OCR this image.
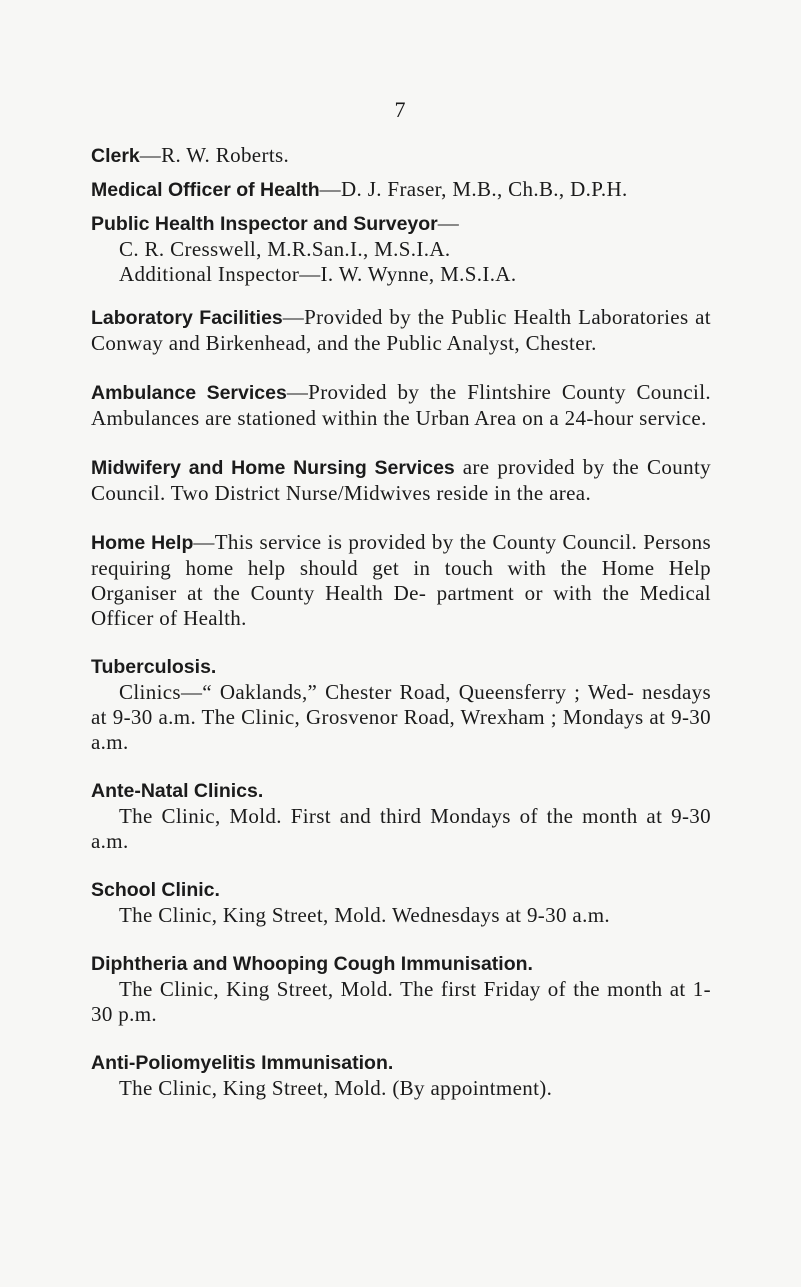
7

Clerk—R. W. Roberts.

Medical Officer of Health—D. J. Fraser, M.B., Ch.B., D.P.H.

Public Health Inspector and Surveyor—

C. R. Cresswell, M.R.San.I., M.S.I.A.

Additional Inspector—I. W. Wynne, M.S.I.A.

Laboratory Facilities—Provided by the Public Health Laboratories at Conway and Birkenhead, and the Public Analyst, Chester.

Ambulance Services—Provided by the Flintshire County Council. Ambulances are stationed within the Urban Area on a 24-hour service.

Midwifery and Home Nursing Services are provided by the County Council. Two District Nurse/Midwives reside in the area.

Home Help—This service is provided by the County Council. Persons requiring home help should get in touch with the Home Help Organiser at the County Health De- partment or with the Medical Officer of Health.

Tuberculosis.

Clinics—“ Oaklands,” Chester Road, Queensferry ; Wed- nesdays at 9-30 a.m. The Clinic, Grosvenor Road, Wrexham ; Mondays at 9-30 a.m.

Ante-Natal Clinics.

The Clinic, Mold. First and third Mondays of the month at 9-30 a.m.

School Clinic.

The Clinic, King Street, Mold. Wednesdays at 9-30 a.m.

Diphtheria and Whooping Cough Immunisation.

The Clinic, King Street, Mold. The first Friday of the month at 1-30 p.m.

Anti-Poliomyelitis Immunisation.

The Clinic, King Street, Mold. (By appointment).
